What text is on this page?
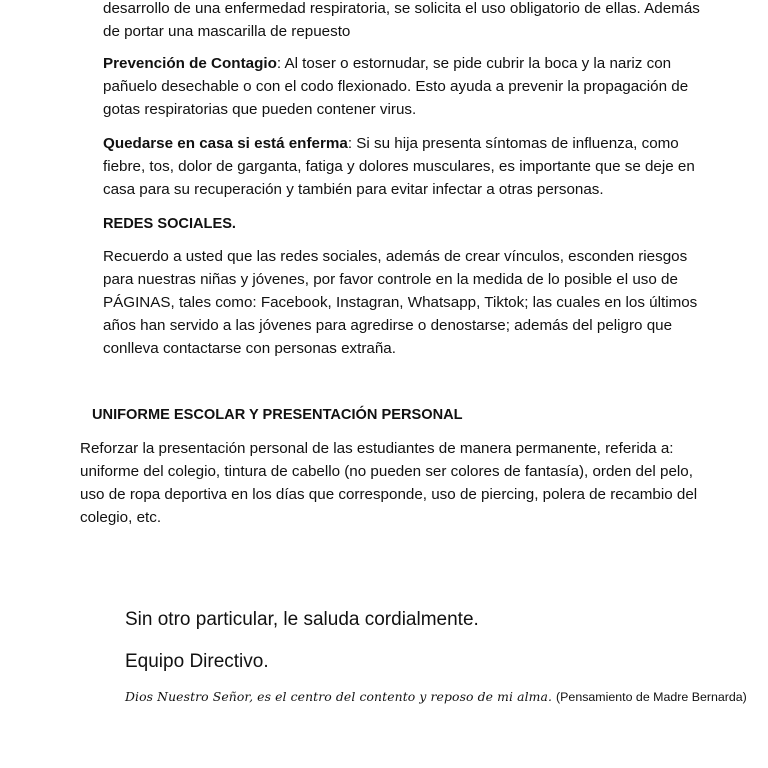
desarrollo de una enfermedad respiratoria, se solicita el uso obligatorio de ellas. Además de portar una mascarilla de repuesto

Prevención de Contagio: Al toser o estornudar, se pide cubrir la boca y la nariz con pañuelo desechable o con el codo flexionado. Esto ayuda a prevenir la propagación de gotas respiratorias que pueden contener virus.

Quedarse en casa si está enferma: Si su hija presenta síntomas de influenza, como fiebre, tos, dolor de garganta, fatiga y dolores musculares, es importante que se deje en casa para su recuperación y también para evitar infectar a otras personas.

REDES SOCIALES.

Recuerdo a usted que las redes sociales, además de crear vínculos, esconden riesgos para nuestras niñas y jóvenes, por favor controle en la medida de lo posible el uso de PÁGINAS, tales como: Facebook, Instagran, Whatsapp, Tiktok; las cuales en los últimos años han servido a las jóvenes para agredirse o denostarse; además del peligro que conlleva contactarse con personas extraña.

UNIFORME ESCOLAR Y PRESENTACIÓN PERSONAL

Reforzar la presentación personal de las estudiantes de manera permanente, referida a: uniforme del colegio, tintura de cabello (no pueden ser colores de fantasía), orden del pelo, uso de ropa deportiva en los días que corresponde, uso de piercing, polera de recambio del colegio, etc.

Sin otro particular, le saluda cordialmente.

Equipo Directivo.

Dios Nuestro Señor, es el centro del contento y reposo de mi alma. (Pensamiento de Madre Bernarda)
